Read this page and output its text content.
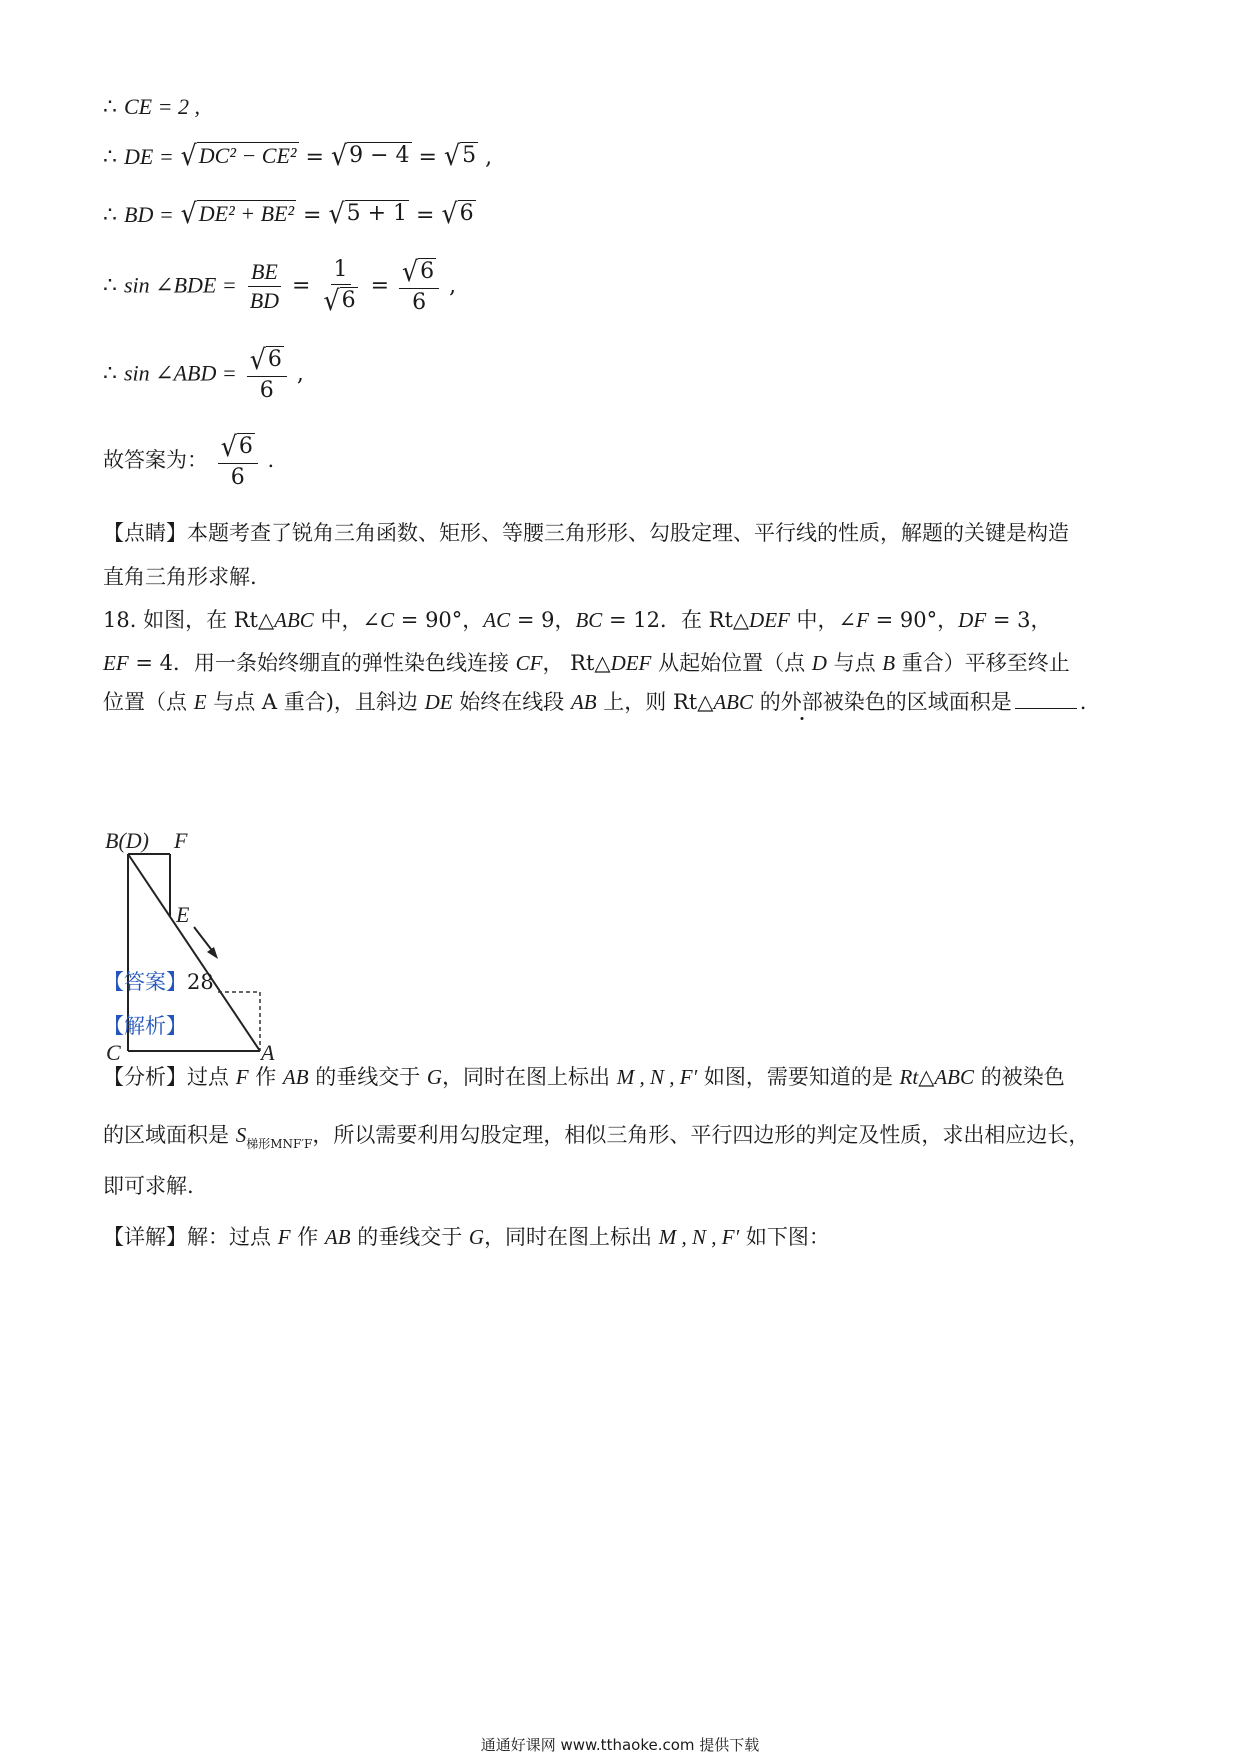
∴ CE = 2 ,
∴ DE = √ DC² − CE² = √ 9 − 4 = √ 5 ,
∴ BD = √ DE² + BE² = √ 5 + 1 = √ 6
∴ sin ∠BDE = $\frac{BE}{BD} = \frac{1}{√ 6} = \frac{√ 6}{6}$ ,
∴ sin ∠ABD = $\frac{√ 6}{6}$ ,
故答案为： $\frac{√ 6}{6}$ .
【点睛】本题考查了锐角三角函数、矩形、等腰三角形形、勾股定理、平行线的性质，解题的关键是构造
直角三角形求解.
18. 如图，在 Rt△ABC 中，∠C = 90°，AC = 9，BC = 12．在 Rt△DEF 中，∠F = 90°，DF = 3，
EF = 4．用一条始终绷直的弹性染色线连接 CF， Rt△DEF 从起始位置（点 D 与点 B 重合）平移至终止
位置（点 E 与点 A 重合)，且斜边 DE 始终在线段 AB 上，则 Rt△ABC 的外部被染色的区域面积是	.
B(D) F
E
C	A
【答案】28
【解析】
【分析】过点 F 作 AB 的垂线交于 G，同时在图上标出 M , N , F′ 如图，需要知道的是 Rt△ABC 的被染色
的区域面积是 $S_{梯形MNF'F}$，所以需要利用勾股定理，相似三角形、平行四边形的判定及性质，求出相应边长，
即可求解.
【详解】解：过点 F 作 AB 的垂线交于 G，同时在图上标出 M , N , F′ 如下图：
通通好课网 www.tthaoke.com 提供下载
